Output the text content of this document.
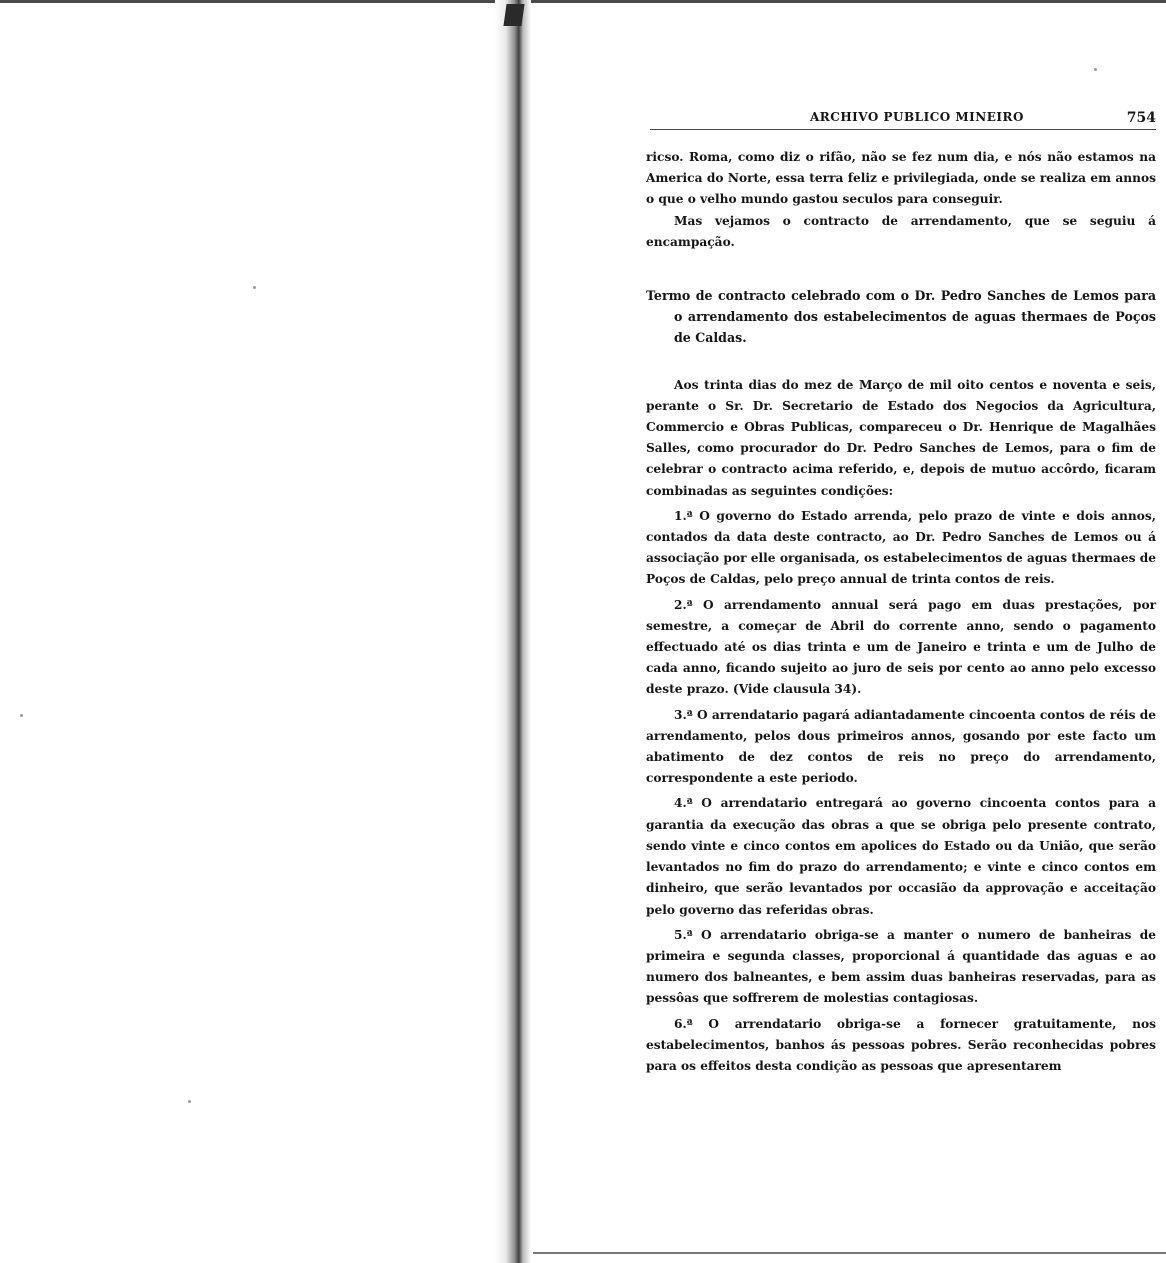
ARCHIVO PUBLICO MINEIRO	754

ricso. Roma, como diz o rifão, não se fez num dia, e nós não estamos na America do Norte, essa terra feliz e privilegiada, onde se realiza em annos o que o velho mundo gastou seculos para conseguir.

Mas vejamos o contracto de arrendamento, que se seguiu á encampação.

Termo de contracto celebrado com o Dr. Pedro Sanches de Lemos para o arrendamento dos estabelecimentos de aguas thermaes de Poços de Caldas.

Aos trinta dias do mez de Março de mil oito centos e noventa e seis, perante o Sr. Dr. Secretario de Estado dos Negocios da Agricultura, Commercio e Obras Publicas, compareceu o Dr. Henrique de Magalhães Salles, como procurador do Dr. Pedro Sanches de Lemos, para o fim de celebrar o contracto acima referido, e, depois de mutuo accôrdo, ficaram combinadas as seguintes condições:

1.ª O governo do Estado arrenda, pelo prazo de vinte e dois annos, contados da data deste contracto, ao Dr. Pedro Sanches de Lemos ou á associação por elle organisada, os estabelecimentos de aguas thermaes de Poços de Caldas, pelo preço annual de trinta contos de reis.

2.ª O arrendamento annual será pago em duas prestações, por semestre, a começar de Abril do corrente anno, sendo o pagamento effectuado até os dias trinta e um de Janeiro e trinta e um de Julho de cada anno, ficando sujeito ao juro de seis por cento ao anno pelo excesso deste prazo. (Vide clausula 34).

3.ª O arrendatario pagará adiantadamente cincoenta contos de réis de arrendamento, pelos dous primeiros annos, gosando por este facto um abatimento de dez contos de reis no preço do arrendamento, correspondente a este periodo.

4.ª O arrendatario entregará ao governo cincoenta contos para a garantia da execução das obras a que se obriga pelo presente contrato, sendo vinte e cinco contos em apolices do Estado ou da União, que serão levantados no fim do prazo do arrendamento; e vinte e cinco contos em dinheiro, que serão levantados por occasião da approvação e acceitação pelo governo das referidas obras.

5.ª O arrendatario obriga-se a manter o numero de banheiras de primeira e segunda classes, proporcional á quantidade das aguas e ao numero dos balneantes, e bem assim duas banheiras reservadas, para as pessôas que soffrerem de molestias contagiosas.

6.ª O arrendatario obriga-se a fornecer gratuitamente, nos estabelecimentos, banhos ás pessoas pobres. Serão reconhecidas pobres para os effeitos desta condição as pessoas que apresentarem
